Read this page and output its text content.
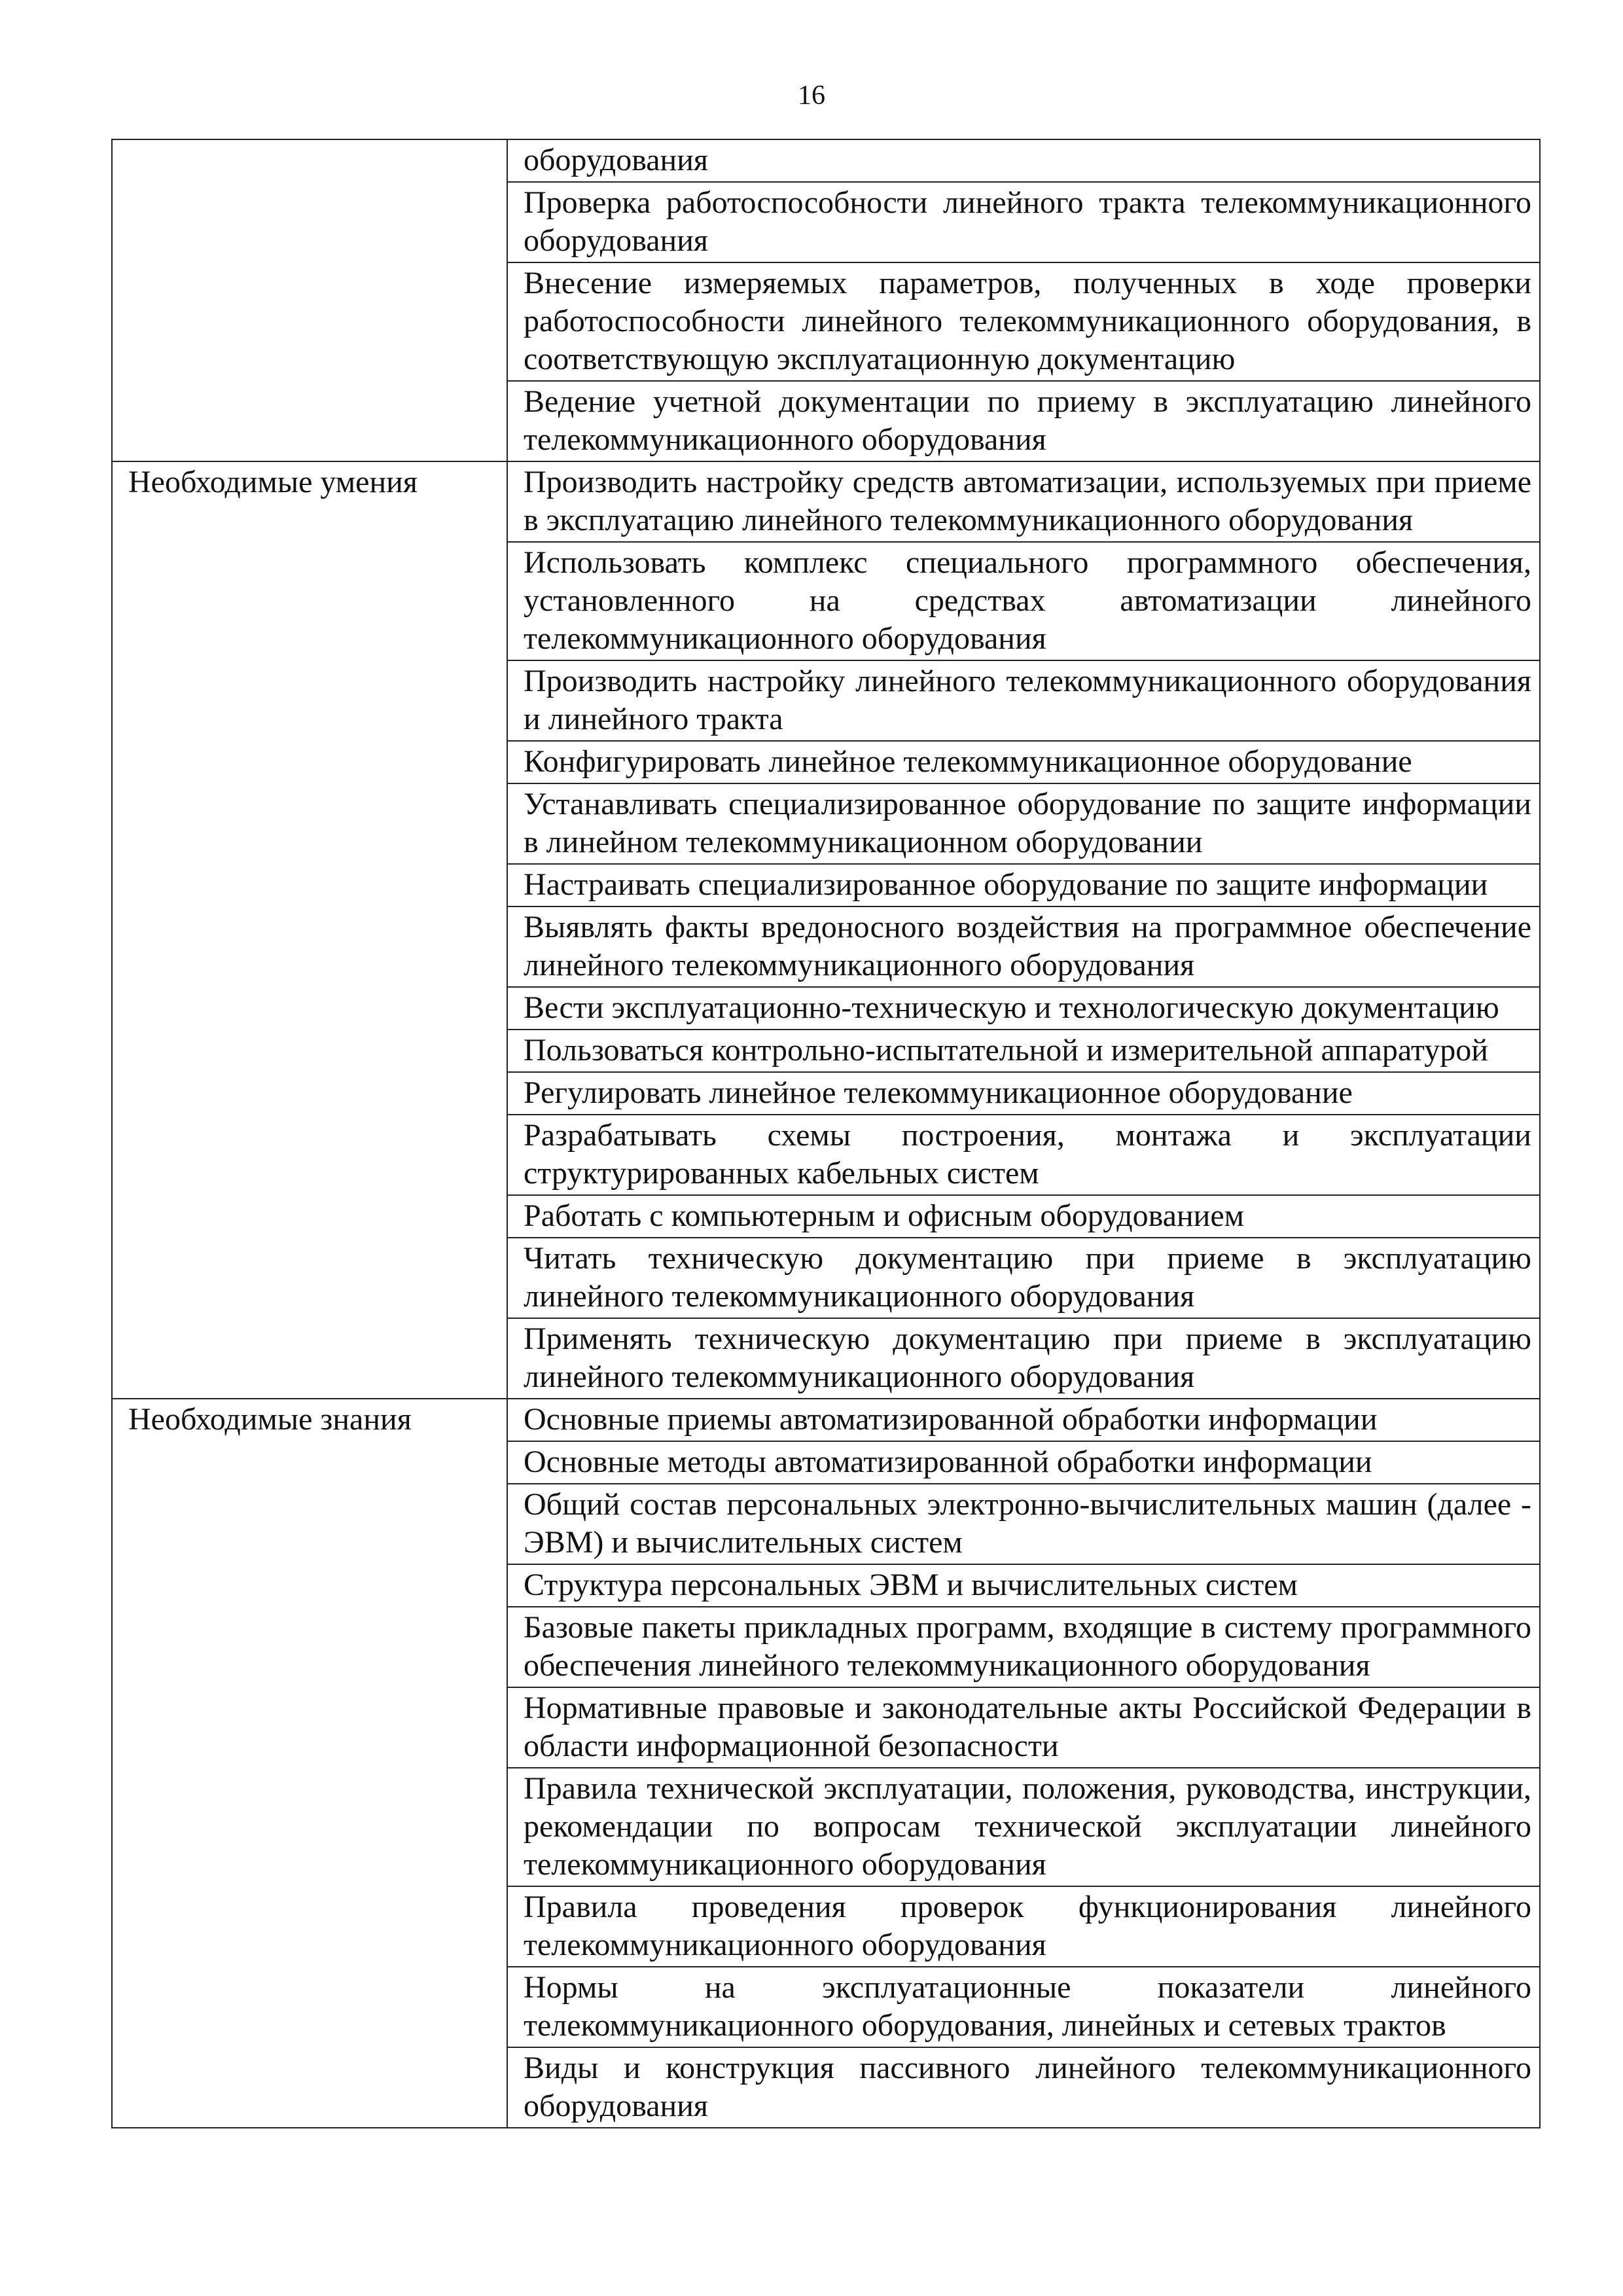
16
	оборудования
	Проверка работоспособности линейного тракта телекоммуникационного оборудования
	Внесение измеряемых параметров, полученных в ходе проверки работоспособности линейного телекоммуникационного оборудования, в соответствующую эксплуатационную документацию
	Ведение учетной документации по приему в эксплуатацию линейного телекоммуникационного оборудования
Необходимые умения	Производить настройку средств автоматизации, используемых при приеме в эксплуатацию линейного телекоммуникационного оборудования
	Использовать комплекс специального программного обеспечения, установленного на средствах автоматизации линейного телекоммуникационного оборудования
	Производить настройку линейного телекоммуникационного оборудования и линейного тракта
	Конфигурировать линейное телекоммуникационное оборудование
	Устанавливать специализированное оборудование по защите информации в линейном телекоммуникационном оборудовании
	Настраивать специализированное оборудование по защите информации
	Выявлять факты вредоносного воздействия на программное обеспечение линейного телекоммуникационного оборудования
	Вести эксплуатационно-техническую и технологическую документацию
	Пользоваться контрольно-испытательной и измерительной аппаратурой
	Регулировать линейное телекоммуникационное оборудование
	Разрабатывать схемы построения, монтажа и эксплуатации структурированных кабельных систем
	Работать с компьютерным и офисным оборудованием
	Читать техническую документацию при приеме в эксплуатацию линейного телекоммуникационного оборудования
	Применять техническую документацию при приеме в эксплуатацию линейного телекоммуникационного оборудования
Необходимые знания	Основные приемы автоматизированной обработки информации
	Основные методы автоматизированной обработки информации
	Общий состав персональных электронно-вычислительных машин (далее - ЭВМ) и вычислительных систем
	Структура персональных ЭВМ и вычислительных систем
	Базовые пакеты прикладных программ, входящие в систему программного обеспечения линейного телекоммуникационного оборудования
	Нормативные правовые и законодательные акты Российской Федерации в области информационной безопасности
	Правила технической эксплуатации, положения, руководства, инструкции, рекомендации по вопросам технической эксплуатации линейного телекоммуникационного оборудования
	Правила проведения проверок функционирования линейного телекоммуникационного оборудования
	Нормы на эксплуатационные показатели линейного телекоммуникационного оборудования, линейных и сетевых трактов
	Виды и конструкция пассивного линейного телекоммуникационного оборудования
